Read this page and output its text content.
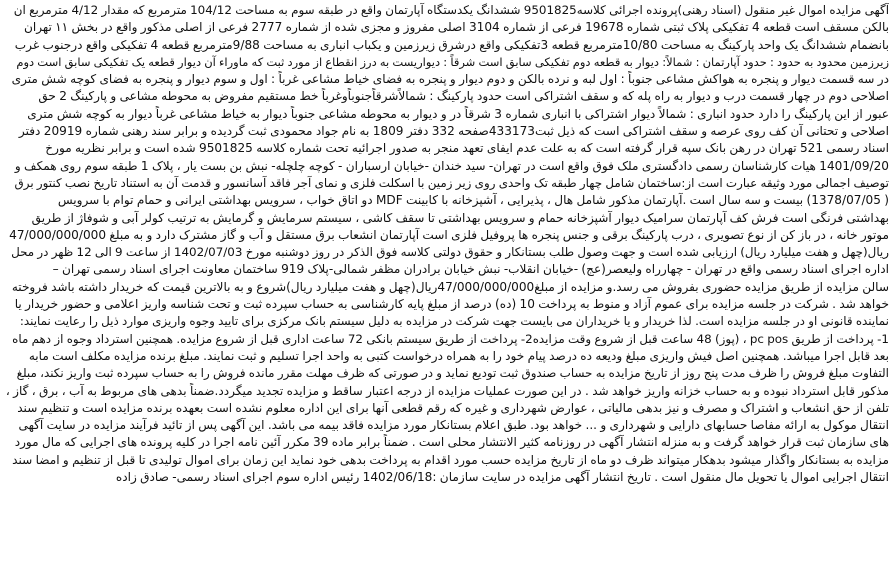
آگهی مزایده اموال غیر منقول (اسناد رهنی)پرونده اجرائی کلاسه9501825 ششدانگ یکدستگاه آپارتمان واقع در طبقه سوم به مساحت 104/12 مترمربع که مقدار 4/12 مترمربع ان
بالکن مسقف است قطعه 4 تفکیکی پلاک ثبتی شماره 19678 فرعی از شماره 3104 اصلی مفروز و مجزی شده از شماره 2777 فرعی از اصلی مذکور واقع در بخش ۱۱ تهران
بانضمام ششدانگ یک واحد پارکینگ به مساحت 10/80مترمربع قطعه 3تفکیکی واقع درشرق زیرزمین و یکباب انباری به مساحت 9/88مترمربع قطعه 4 تفکیکی واقع درجنوب غرب
زیرزمین محدود به حدود : حدود آپارتمان : شمالاً: دیوار به قطعه دوم تفکیکی سابق است شرقاً : دیواریست به درز انقطاع از مورد ثبت که ماوراء آن دیوار قطعه یک تفکیکی سابق است دوم
در سه قسمت دیوار و پنجره به هواکش مشاعی جنوباً : اول لبه و نرده بالکن و دوم دیوار و پنجره به فضای خیاط مشاعی غرباً : اول و سوم دیوار و پنجره به فضای کوچه شش متری
اصلاحی دوم در چهار قسمت درب و دیوار به راه پله که و سقف اشتراکی است حدود پارکینگ : شمالاًشرقاًجنوباًوغرباً خط مستقیم مفروض به محوطه مشاعی و پارکینگ 2 حق
عبور از این پارکینگ را دارد حدود انباری : شمالاً دیوار اشتراکی با انباری شماره 3 شرقاً در و دیوار به محوطه مشاعی جنوباً دیوار به خیاط مشاعی غرباً دیوار به کوچه شش متری
اصلاحی و تحتانی آن کف روی عرصه و سقف اشتراکی است که ذیل ثبت433173صفحه 332 دفتر 1809 به نام جواد محمودی ثبت گردیده و برابر سند رهنی شماره 20919 دفتر
اسناد رسمی 521 تهران در رهن بانک سپه قرار گرفته است که به علت عدم ایفای تعهد منجر به صدور اجرائیه تحت شماره کلاسه 9501825 شده است و برابر نظریه مورخ
1401/09/20 هیات کارشناسان رسمی دادگستری ملک فوق واقع است در تهران- سید خندان -خیابان ارسباران - کوچه چلچله- نبش بن بست یار ، پلاک 1 طبقه سوم روی همکف و
توصیف اجمالی مورد وثیقه عبارت است از:ساختمان شامل چهار طبقه تک واحدی روی زیر زمین با اسکلت فلزی و نمای آجر فاقد آسانسور و قدمت آن به استناد تاریخ نصب کنتور برق
( 1378/07/05) بیست و سه سال است .آپارتمان مذکور شامل هال ، پذیرایی ، آشپزخانه با کابینت MDF دو اتاق خواب ، سرویس بهداشتی ایرانی و حمام توام با سرویس
بهداشتی فرنگی است فرش کف آپارتمان سرامیک دیوار آشپزخانه حمام و سرویس بهداشتی تا سقف کاشی ، سیستم سرمایش و گرمایش به ترتیب کولر آبی و شوفاژ از طریق
موتور خانه ، در باز کن از نوع تصویری ، درب پارکینگ برقی و جنس پنجره ها پروفیل فلزی است آپارتمان انشعاب برق مستقل و آب و گاز مشترک دارد و به مبلغ 47/000/000/000
ریال(چهل و هفت میلیارد ریال) ارزیابی شده است و جهت وصول طلب بستانکار و حقوق دولتی کلاسه فوق الذکر در روز دوشنبه مورخ 1402/07/03 از ساعت 9 الی 12 ظهر در محل
اداره اجرای اسناد رسمی واقع در تهران - چهارراه ولیعصر(عج) -خیابان انقلاب- نبش خیابان برادران مظفر شمالی-پلاک 919 ساختمان معاونت اجرای اسناد رسمی تهران –
سالن مزایده از طریق مزایده حضوری بفروش می رسد.و مزایده از مبلغ47/000/000/000ریال(چهل و هفت میلیارد ریال)شروع و به بالاترین قیمت که خریدار داشته باشد فروخته
خواهد شد . شرکت در جلسه مزایده برای عموم آزاد و منوط به پرداخت 10 (ده) درصد از مبلغ پایه کارشناسی به حساب سپرده ثبت و تحت شناسه واریز اعلامی و حضور خریدار یا
نماینده قانونی او در جلسه مزایده است. لذا خریدار و یا خریداران می بایست جهت شرکت در مزایده به دلیل سیستم بانک مرکزی برای تایید وجوه واریزی موارد ذیل را رعایت نمایند:
1- پرداخت از طریق pc pos ، (پوز) 48 ساعت قبل از شروع وقت مزایده2- پرداخت از طریق سیستم بانکی 72 ساعت اداری قبل از شروع مزایده. همچنین استرداد وجوه از دهم ماه
بعد قابل اجرا میباشد. همچنین اصل فیش واریزی مبلغ ودیعه ده درصد پیام خود را به همراه درخواست کتبی به واحد اجرا تسلیم و ثبت نمایند. مبلغ برنده مزایده مکلف است مابه
التفاوت مبلغ فروش را ظرف مدت پنج روز از تاریخ مزایده به حساب صندوق ثبت تودیع نماید و در صورتی که ظرف مهلت مقرر مانده فروش را به حساب سپرده ثبت واریز نکند، مبلغ
مذکور قابل استرداد نبوده و به حساب خزانه واریز خواهد شد . در این صورت عملیات مزایده از درجه اعتبار ساقط و مزایده تجدید میگردد.ضمناً بدهی های مربوط به آب ، برق ، گاز ،
تلفن از حق انشعاب و اشتراک و مصرف و نیز بدهی مالیاتی ، عوارض شهرداری و غیره که رقم قطعی آنها برای این اداره معلوم نشده است بعهده برنده مزایده است و تنظیم سند
انتقال موکول به ارائه مفاصا حسابهای دارایی و شهرداری و ... خواهد بود. طبق اعلام بستانکار مورد مزایده فاقد بیمه می باشد. این آگهی پس از تائید فرآیند مزایده در سایت آگهی
های سازمان ثبت قرار خواهد گرفت و به منزله انتشار آگهی در روزنامه کثیر الانتشار محلی است . ضمناً برابر ماده 39 مکرر آئین نامه اجرا در کلیه پرونده های اجرایی که مال مورد
مزایده به بستانکار واگذار میشود بدهکار میتواند ظرف دو ماه از تاریخ مزایده حسب مورد اقدام به پرداخت بدهی خود نماید این زمان برای اموال تولیدی تا قبل از تنظیم و امضا سند
انتقال اجرایی اموال یا تحویل مال منقول است . تاریخ انتشار آگهی مزایده در سایت سازمان :1402/06/18 رئیس اداره سوم اجرای اسناد رسمی- صادق زاده
